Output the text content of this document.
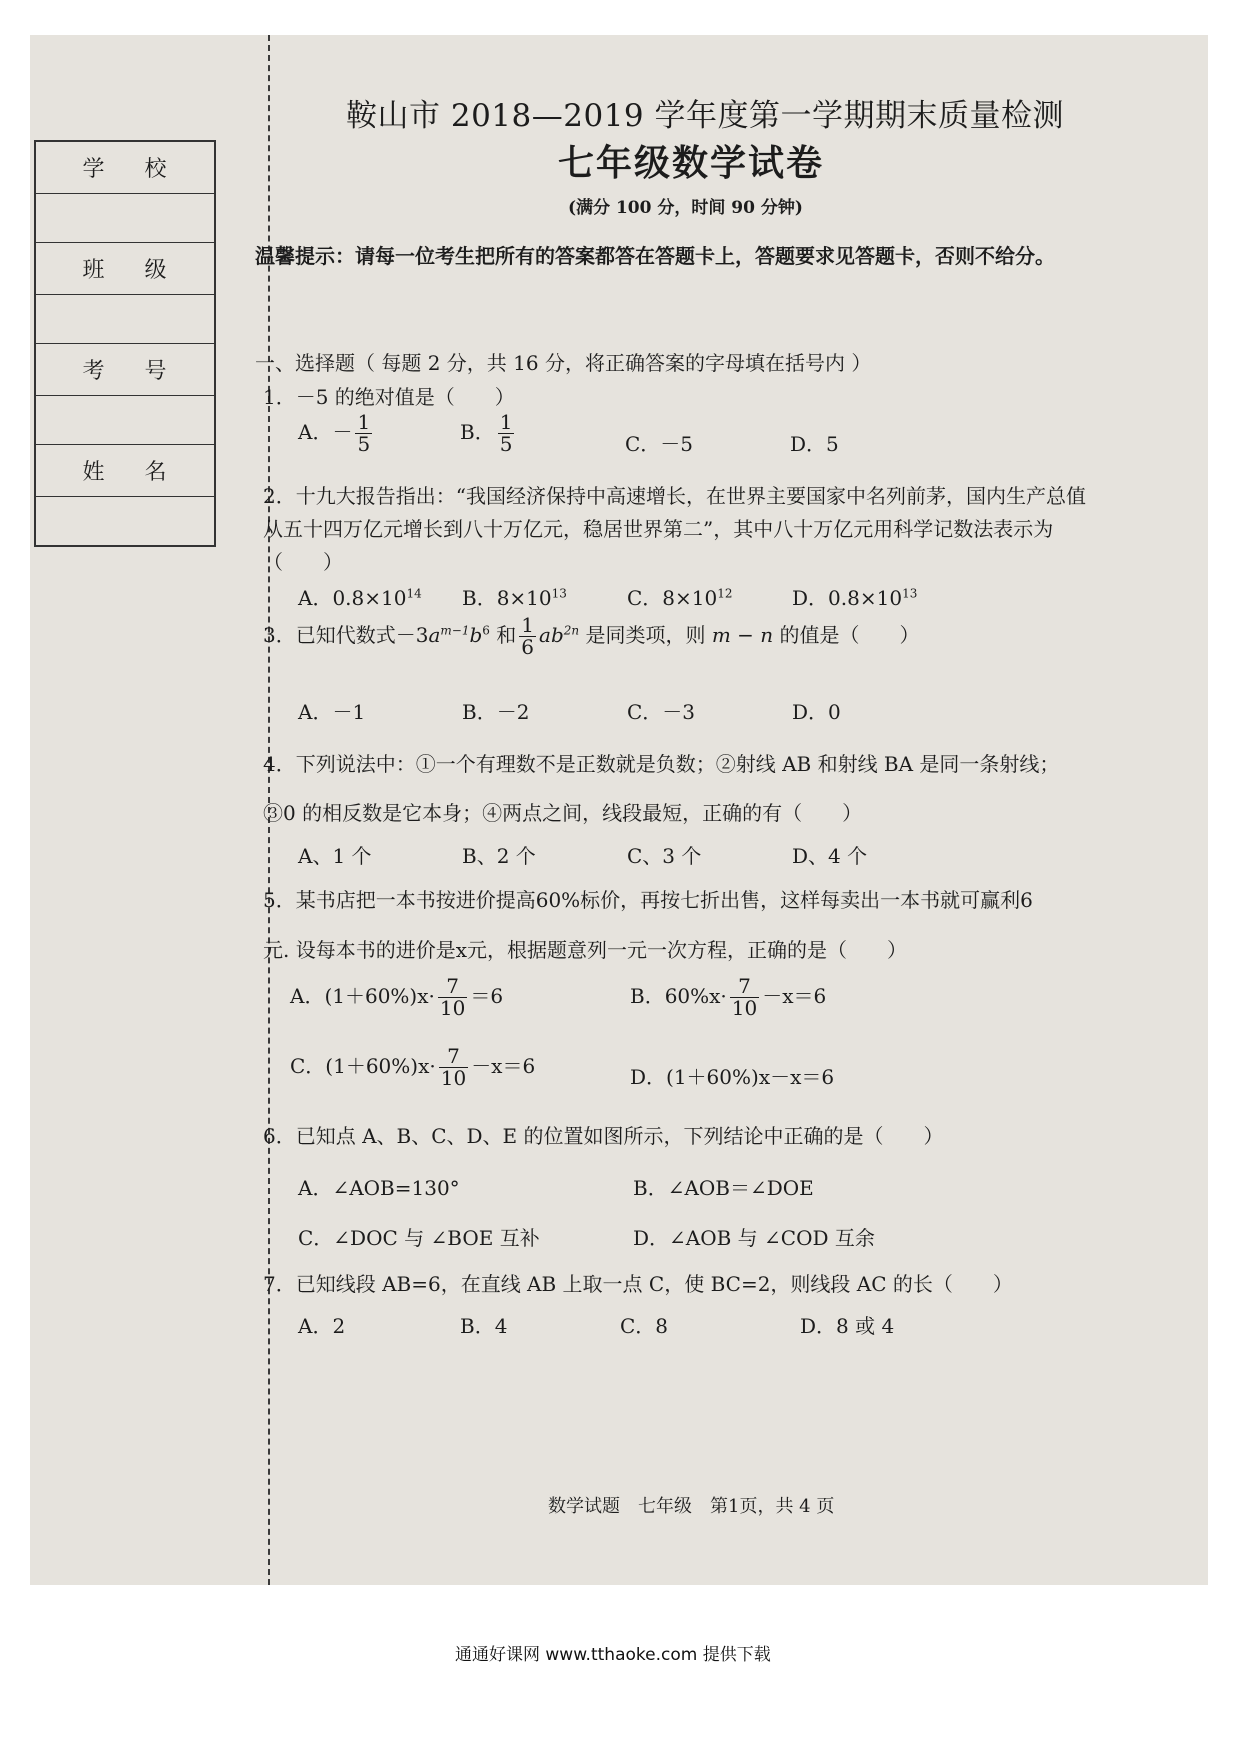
学校

班级

考号

姓名

鞍山市 2018—2019 学年度第一学期期末质量检测
七年级数学试卷
(满分 100 分，时间 90 分钟)
温馨提示：请每一位考生把所有的答案都答在答题卡上，答题要求见答题卡，否则不给分。
一、选择题（ 每题 2 分，共 16 分，将正确答案的字母填在括号内 ）
1．－5 的绝对值是（　　）
A．－ $\frac{1}{5}$	B． $\frac{1}{5}$	C．－5	D．5
2．十九大报告指出：“我国经济保持中高速增长，在世界主要国家中名列前茅，国内生产总值
从五十四万亿元增长到八十万亿元，稳居世界第二”，其中八十万亿元用科学记数法表示为
（　　）
A．$0.8\times 10^{14}$ B．$8\times 10^{13}$	C．$8\times 10^{12}$	D．$0.8\times 10^{13}$
3．已知代数式$-3a^{m-1}b^6$ 和 $\frac{1}{6} ab^{2n}$ 是同类项，则 m − n 的值是（　　）
A．－1	B．－2	C．－3	D．0
4．下列说法中：①一个有理数不是正数就是负数；②射线 AB 和射线 BA 是同一条射线；
③0 的相反数是它本身；④两点之间，线段最短，正确的有（　　）
A、1 个	B、2 个	C、3 个	D、4 个
5．某书店把一本书按进价提高60%标价，再按七折出售，这样每卖出一本书就可赢利6
元. 设每本书的进价是x元，根据题意列一元一次方程，正确的是（　　）
A．$(1+60\%)x\cdot \frac{7}{10} =6$	B．$60\%x\cdot \frac{7}{10} -x=6$
C．$(1+60\%)x\cdot \frac{7}{10} -x=6$	D．(1＋60%)x－x＝6
6．已知点 A、B、C、D、E 的位置如图所示，下列结论中正确的是（　　）
A．∠AOB=130°	B．∠AOB＝∠DOE
C．∠DOC 与 ∠BOE 互补	D．∠AOB 与 ∠COD 互余
7．已知线段 AB=6，在直线 AB 上取一点 C，使 BC=2，则线段 AC 的长（　　）
A．2	B．4	C．8	D．8 或 4
数学试题　七年级　第1页，共 4 页
通通好课网 www.tthaoke.com 提供下载
